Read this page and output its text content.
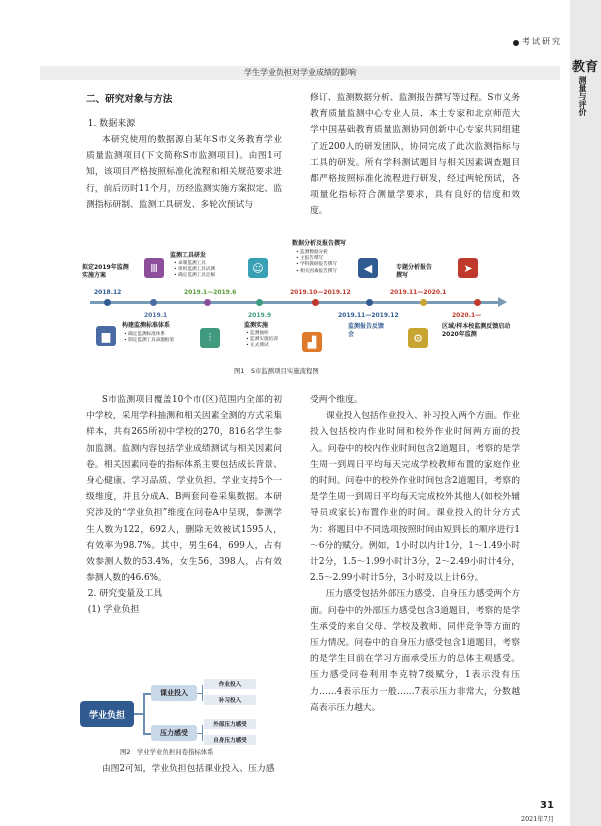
考试研究
教育
测量与评价
学生学业负担对学业成绩的影响
二、研究对象与方法
1. 数据来源

本研究使用的数据源自某年S市义务教育学业质量监测项目(下文简称S市监测项目)。由图1可知，该项目严格按照标准化流程和相关规范要求进行，前后历时11个月，历经监测实施方案拟定、监测指标研制、监测工具研发、多轮次预试与

修订、监测数据分析、监测报告撰写等过程。S市义务教育质量监测中心专业人员、本土专家和北京师范大学中国基础教育质量监测协同创新中心专家共同组建了近200人的研发团队，协同完成了此次监测指标与工具的研发。所有学科测试题目与相关因素调查题目都严格按照标准化流程进行研发，经过两轮预试，各项量化指标符合测量学要求，具有良好的信度和效度。

拟定2019年监测实施方案
2018.12
2019.1
▆
构建监测标准体系
• 确定监测标准体系
• 制定监测工具命题框架
Ⅲ
监测工具研发
• 命制监测工具
• 组织监测工具试测
• 确定监测工具定稿
2019.1—2019.6
2019.9
⫶
监测实施
• 监测抽样
• 监测实施培训
• 正式测试
☺
数据分析及报告撰写
• 监测数据分析
• 主报告撰写
• 学科教研报告撰写
• 相关因素报告撰写
2019.10—2019.12
▟
◀
2019.11—2019.12
监测报告反馈会
专题分析报告撰写
2019.11—2020.1
⚙
➤
2020.1—
区域/样本校监测反馈启动2020年监测
图1　S市监测项目实施流程图

S市监测项目覆盖10个市(区)范围内全部的初中学校，采用学科抽测和相关因素全测的方式采集样本，共有265所初中学校的270，816名学生参加监测。监测内容包括学业成绩测试与相关因素问卷。相关因素问卷的指标体系主要包括成长背景、身心健康、学习品质、学业负担、学业支持5个一级维度，并且分成A、B两套问卷采集数据。本研究涉及的“学业负担”维度在问卷A中呈现，参测学生人数为122，692人，删除无效被试1595人，有效率为98.7%。其中，男生64，699人，占有效参测人数的53.4%，女生56，398人，占有效参测人数的46.6%。

2. 研究变量及工具
(1) 学业负担
学业负担
课业投入
压力感受
作业投入
补习投入
外部压力感受
自身压力感受
图2　学业学业负担问卷指标体系

由图2可知，学业负担包括课业投入、压力感

受两个维度。

课业投入包括作业投入、补习投入两个方面。作业投入包括校内作业时间和校外作业时间两方面的投入。问卷中的校内作业时间包含2道题目，考察的是学生周一到周日平均每天完成学校教师布置的家庭作业的时间。问卷中的校外作业时间包含2道题目，考察的是学生周一到周日平均每天完成校外其他人(如校外辅导员或家长)布置作业的时间。课业投入的计分方式为：将题目中不同选项按照时间由短到长的顺序进行1～6分的赋分。例如，1小时以内计1分，1～1.49小时计2分，1.5～1.99小时计3分，2～2.49小时计4分，2.5～2.99小时计5分，3小时及以上计6分。

压力感受包括外部压力感受、自身压力感受两个方面。问卷中的外部压力感受包含3道题目，考察的是学生承受的来自父母、学校及教师、同伴竞争等方面的压力情况。问卷中的自身压力感受包含1道题目，考察的是学生目前在学习方面承受压力的总体主观感受。压力感受问卷利用李克特7级赋分，1表示没有压力……4表示压力一般……7表示压力非常大，分数越高表示压力越大。

31
2021年7月
